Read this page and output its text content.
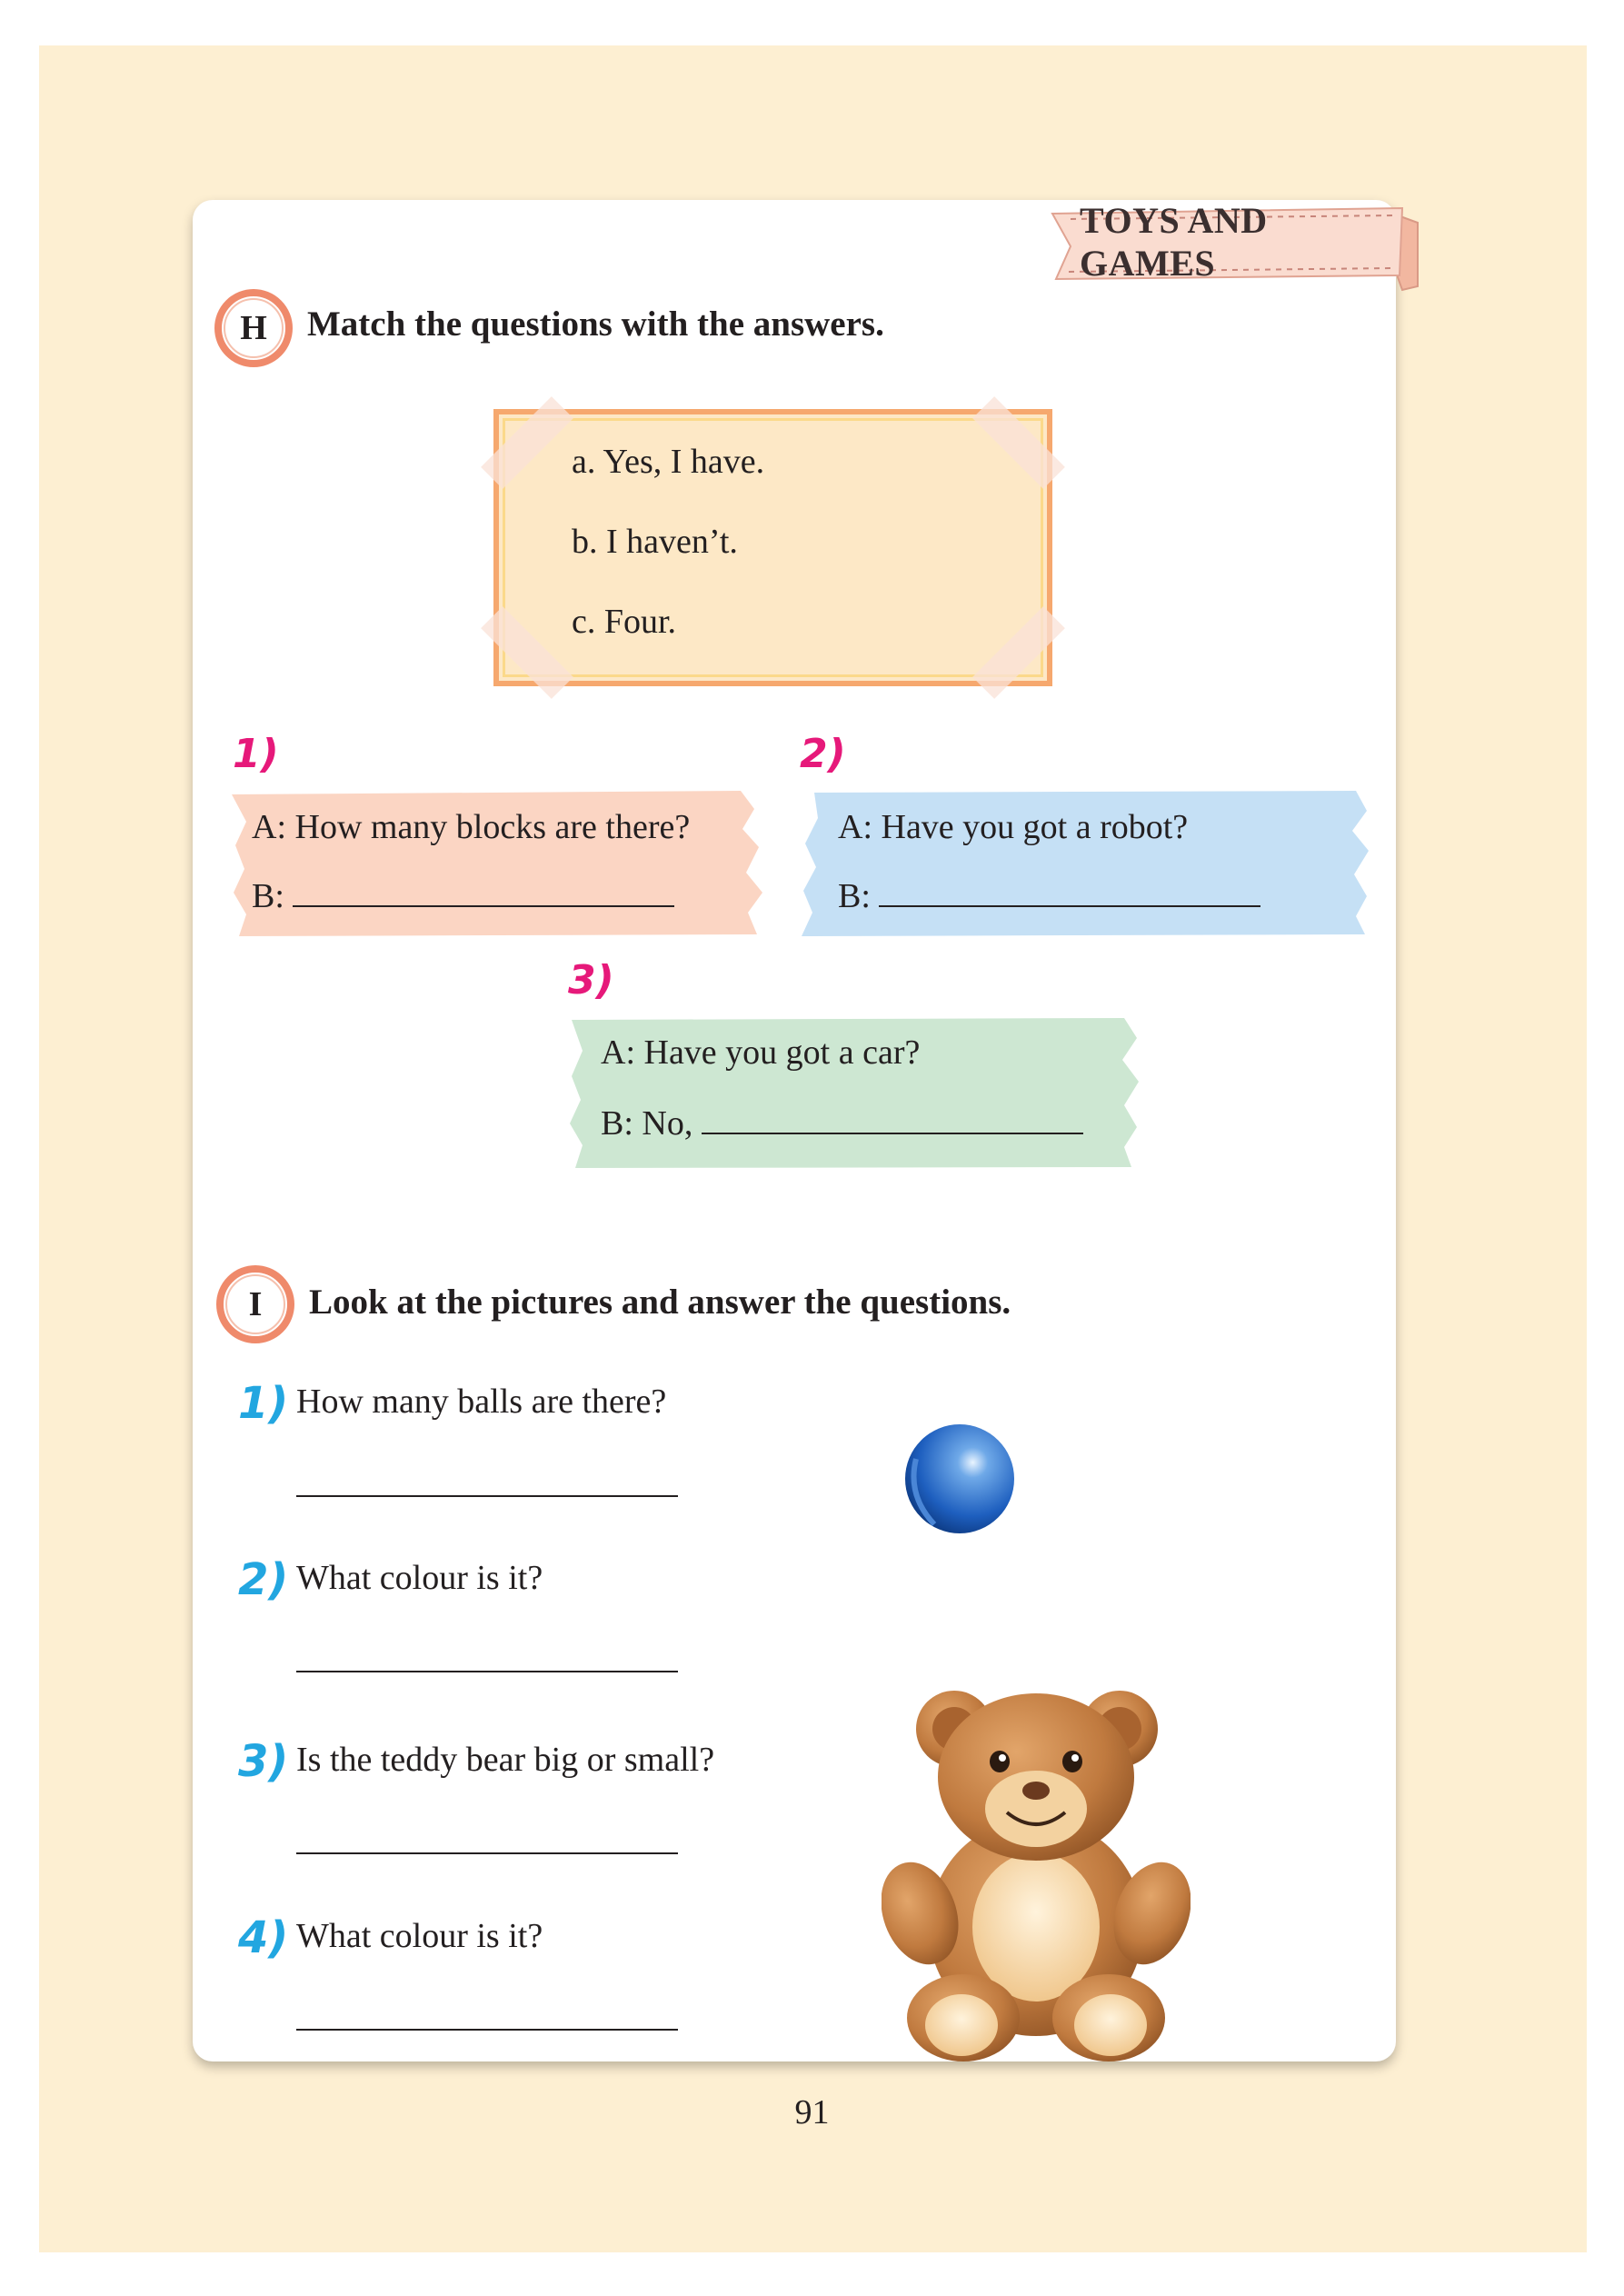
TOYS AND GAMES
H	Match the questions with the answers.
a. Yes, I have.
b. I haven’t.
c. Four.
1)
A: How many blocks are there?
B:
2)
A: Have you got a robot?
B:
3)
A: Have you got a car?
B: No,
I	Look at the pictures and answer the questions.
1) How many balls are there?
2) What colour is it?
3) Is the teddy bear big or small?
4) What colour is it?
91
